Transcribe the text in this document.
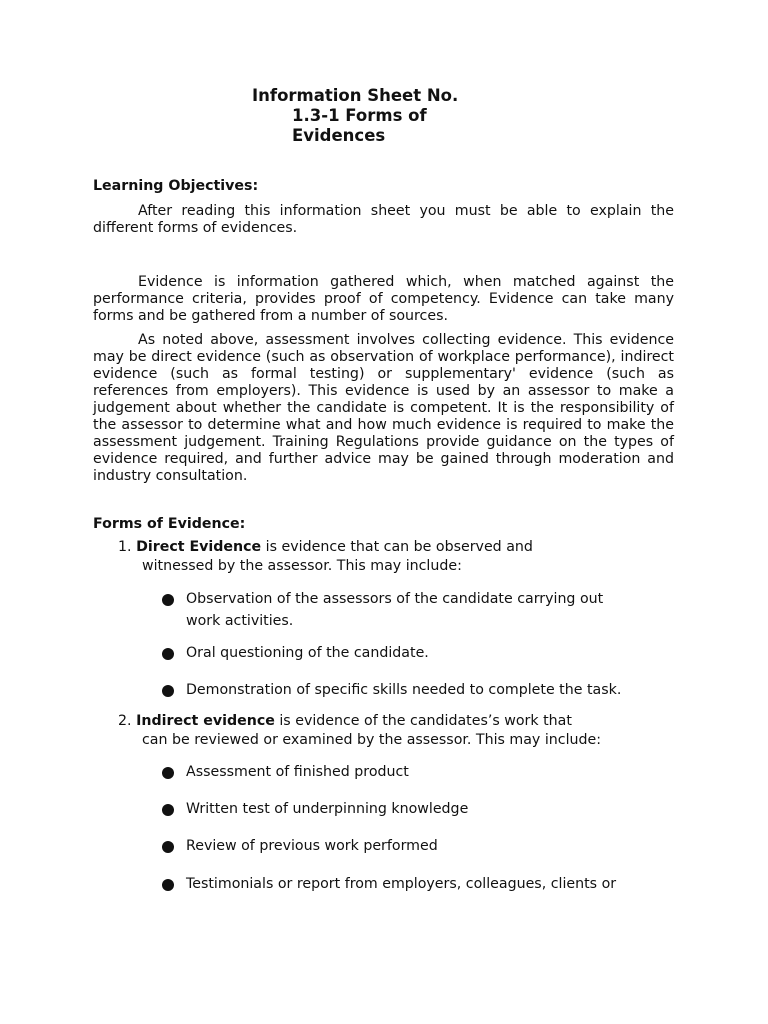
Information Sheet No.
1.3-1 Forms of
Evidences
Learning Objectives:

After reading this information sheet you must be able to explain the different forms of evidences.

Evidence is information gathered which, when matched against the performance criteria, provides proof of competency. Evidence can take many forms and be gathered from a number of sources.

As noted above, assessment involves collecting evidence. This evidence may be direct evidence (such as observation of workplace performance), indirect evidence (such as formal testing) or supplementary' evidence (such as references from employers). This evidence is used by an assessor to make a judgement about whether the candidate is competent. It is the responsibility of the assessor to determine what and how much evidence is required to make the assessment judgement. Training Regulations provide guidance on the types of evidence required, and further advice may be gained through moderation and industry consultation.

Forms of Evidence:
1. Direct Evidence is evidence that can be observed and
witnessed by the assessor. This may include:
Observation of the assessors of the candidate carrying out
work activities.
Oral questioning of the candidate.
Demonstration of specific skills needed to complete the task.
2. Indirect evidence is evidence of the candidates’s work that
can be reviewed or examined by the assessor. This may include:
Assessment of finished product
Written test of underpinning knowledge
Review of previous work performed
Testimonials or report from employers, colleagues, clients or
